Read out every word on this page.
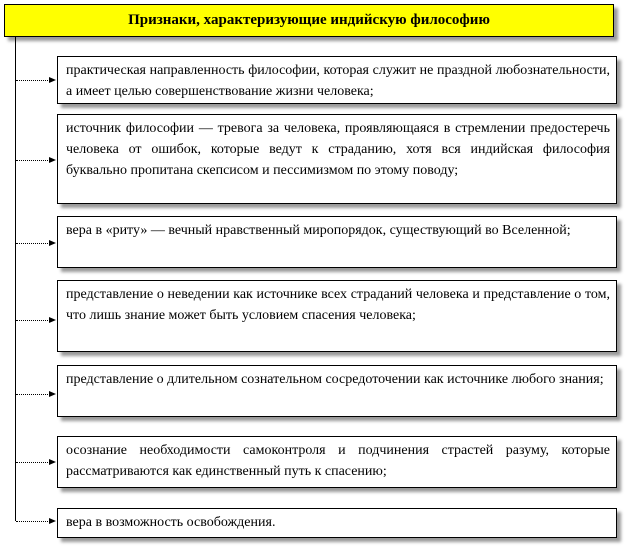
Признаки, характеризующие индийскую философию
практическая направленность философии, которая служит не праздной любознательности, а имеет целью совершенствование жизни человека;
источник философии — тревога за человека, проявляющаяся в стремлении предостеречь человека от ошибок, которые ведут к страданию, хотя вся индийская философия буквально пропитана скепсисом и пессимизмом по этому поводу;
вера в «риту» — вечный нравственный миропорядок, существующий во Вселенной;
представление о неведении как источнике всех страданий человека и представление о том, что лишь знание может быть условием спасения человека;
представление о длительном сознательном сосредоточении как источнике любого знания;
осознание необходимости самоконтроля и подчинения страстей разуму, которые рассматриваются как единственный путь к спасению;
вера в возможность освобождения.
